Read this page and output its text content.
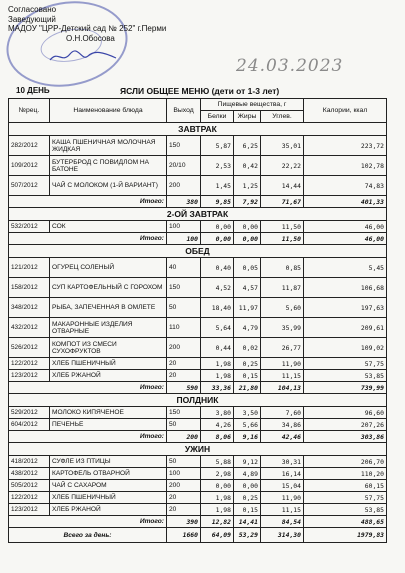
Согласовано
Заведующий
МАДОУ "ЦРР-Детский сад № 252" г.Перми
О.Н.Обосова
24.03.2023
10 ДЕНЬ	ЯСЛИ ОБЩЕЕ МЕНЮ (дети от 1-3 лет)
№рец.	Наименование блюда	Выход	Пищевые вещества, г			Калории, ккал
			Белки	Жиры	Углев.	
ЗАВТРАК						
282/2012	КАША ПШЕНИЧНАЯ МОЛОЧНАЯ ЖИДКАЯ	150	5,87	6,25	35,01	223,72
109/2012	БУТЕРБРОД С ПОВИДЛОМ НА БАТОНЕ	20/10	2,53	0,42	22,22	102,78
507/2012	ЧАЙ С МОЛОКОМ (1-Й ВАРИАНТ)	200	1,45	1,25	14,44	74,83
Итого:		380	9,85	7,92	71,67	401,33
2-ОЙ ЗАВТРАК						
532/2012	СОК	100	0,00	0,00	11,50	46,00
Итого:		100	0,00	0,00	11,50	46,00
ОБЕД						
121/2012	ОГУРЕЦ СОЛЕНЫЙ	40	0,40	0,05	0,85	5,45
158/2012	СУП КАРТОФЕЛЬНЫЙ С ГОРОХОМ	150	4,52	4,57	11,87	106,68
348/2012	РЫБА, ЗАПЕЧЕННАЯ В ОМЛЕТЕ	50	18,40	11,97	5,60	197,63
432/2012	МАКАРОННЫЕ ИЗДЕЛИЯ ОТВАРНЫЕ	110	5,64	4,79	35,99	209,61
526/2012	КОМПОТ ИЗ СМЕСИ СУХОФРУКТОВ	200	0,44	0,02	26,77	109,02
122/2012	ХЛЕБ ПШЕНИЧНЫЙ	20	1,98	0,25	11,90	57,75
123/2012	ХЛЕБ РЖАНОЙ	20	1,98	0,15	11,15	53,85
Итого:		590	33,36	21,80	104,13	739,99
ПОЛДНИК						
529/2012	МОЛОКО КИПЯЧЕНОЕ	150	3,80	3,50	7,60	96,60
604/2012	ПЕЧЕНЬЕ	50	4,26	5,66	34,86	207,26
Итого:		200	8,06	9,16	42,46	303,86
УЖИН						
418/2012	СУФЛЕ ИЗ ПТИЦЫ	50	5,88	9,12	30,31	206,70
438/2012	КАРТОФЕЛЬ ОТВАРНОЙ	100	2,98	4,89	16,14	110,20
505/2012	ЧАЙ С САХАРОМ	200	0,00	0,00	15,04	60,15
122/2012	ХЛЕБ ПШЕНИЧНЫЙ	20	1,98	0,25	11,90	57,75
123/2012	ХЛЕБ РЖАНОЙ	20	1,98	0,15	11,15	53,85
Итого:		390	12,82	14,41	84,54	488,65
Всего за день:		1660	64,09	53,29	314,30	1979,83
